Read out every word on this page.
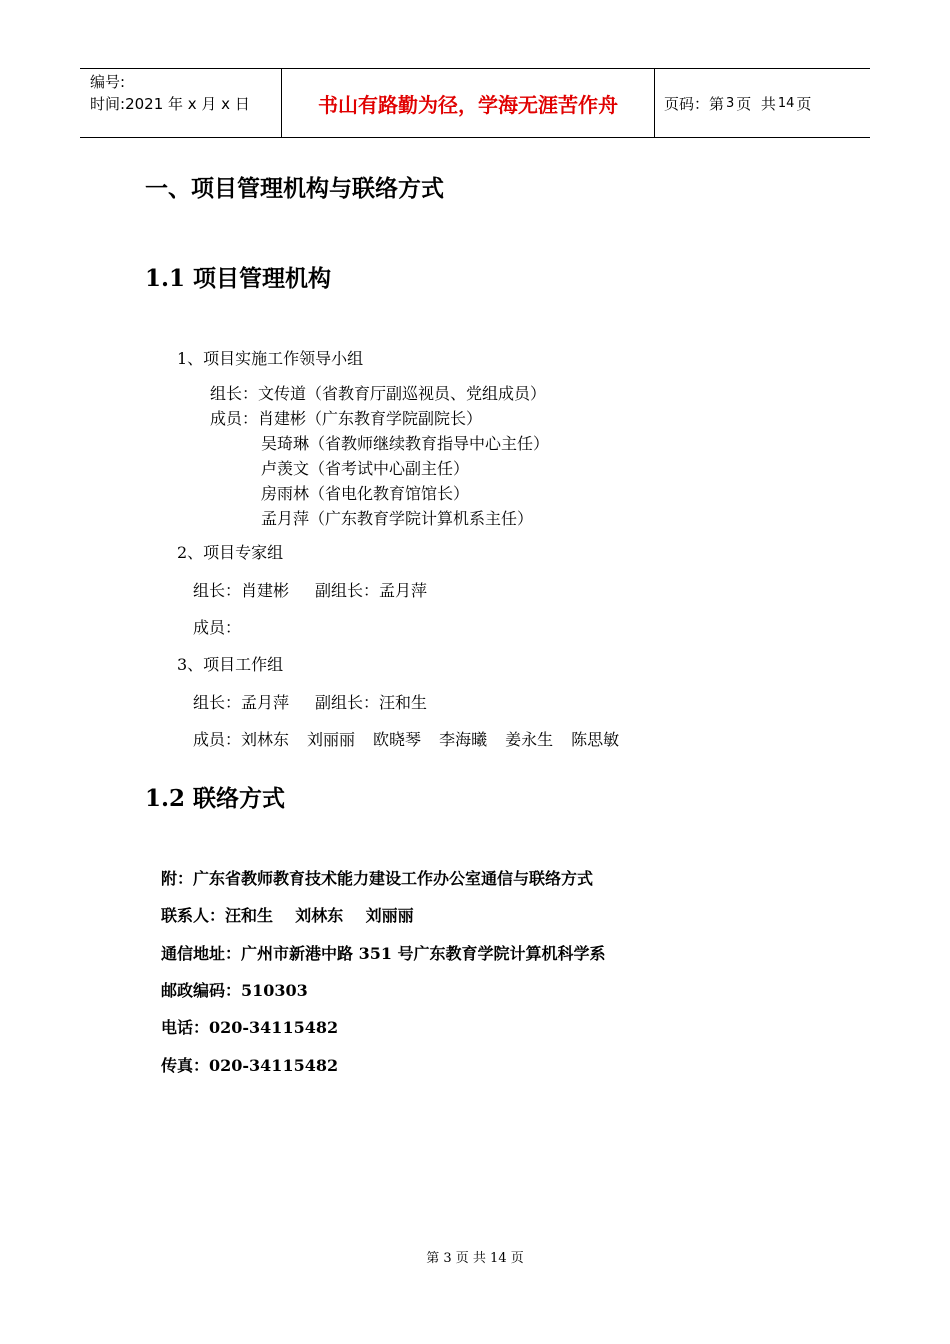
编号:
时间:2021 年 x 月 x 日	书山有路勤为径，学海无涯苦作舟	页码：第 3 页  共 14 页
一、项目管理机构与联络方式
1.1 项目管理机构
1、项目实施工作领导小组
组长：文传道（省教育厅副巡视员、党组成员）
成员：肖建彬（广东教育学院副院长）
吴琦琳（省教师继续教育指导中心主任）
卢羡文（省考试中心副主任）
房雨林（省电化教育馆馆长）
孟月萍（广东教育学院计算机系主任）
2、项目专家组
组长：肖建彬 副组长：孟月萍
成员：
3、项目工作组
组长：孟月萍 副组长：汪和生
成员：刘林东 刘丽丽 欧晓琴 李海曦 姜永生 陈思敏
1.2 联络方式
附：广东省教师教育技术能力建设工作办公室通信与联络方式
联系人：汪和生    刘林东    刘丽丽
通信地址：广州市新港中路 351 号广东教育学院计算机科学系
邮政编码：510303
电话：020-34115482
传真：020-34115482
第 3 页 共 14 页
